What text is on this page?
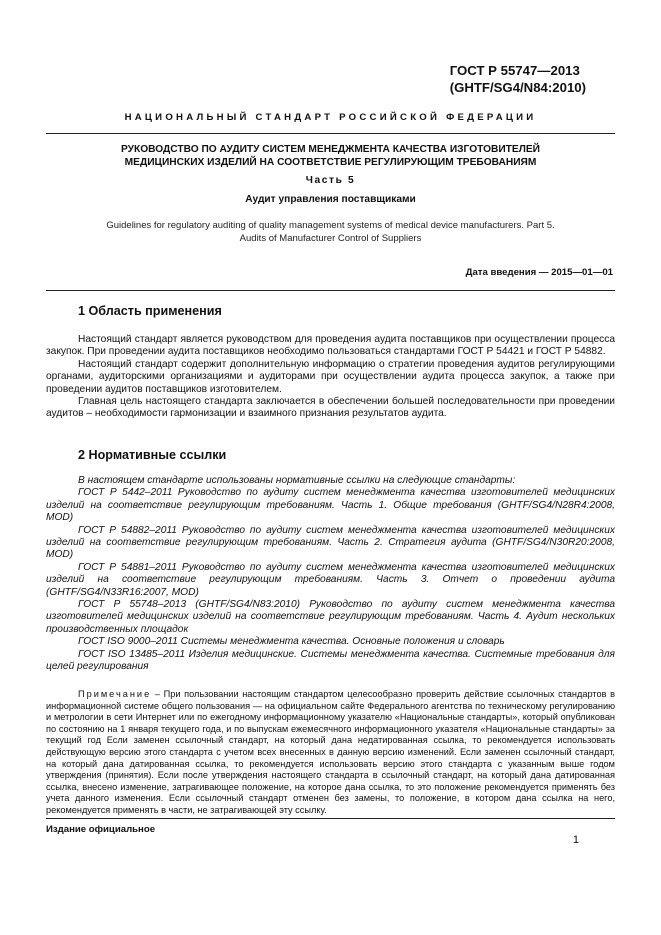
ГОСТ Р 55747—2013
(GHTF/SG4/N84:2010)
НАЦИОНАЛЬНЫЙ СТАНДАРТ РОССИЙСКОЙ ФЕДЕРАЦИИ
РУКОВОДСТВО ПО АУДИТУ СИСТЕМ МЕНЕДЖМЕНТА КАЧЕСТВА ИЗГОТОВИТЕЛЕЙ
МЕДИЦИНСКИХ ИЗДЕЛИЙ НА СООТВЕТСТВИЕ РЕГУЛИРУЮЩИМ ТРЕБОВАНИЯМ
Часть 5
Аудит управления поставщиками
Guidelines for regulatory auditing of quality management systems of medical device manufacturers. Part 5.
Audits of Manufacturer Control of Suppliers
Дата введения — 2015—01—01
1 Область применения

Настоящий стандарт является руководством для проведения аудита поставщиков при осуществлении процесса закупок. При проведении аудита поставщиков необходимо пользоваться стандартами ГОСТ Р 54421 и ГОСТ Р 54882.

Настоящий стандарт содержит дополнительную информацию о стратегии проведения аудитов регулирующими органами, аудиторскими организациями и аудиторами при осуществлении аудита процесса закупок, а также при проведении аудитов поставщиков изготовителем.

Главная цель настоящего стандарта заключается в обеспечении большей последовательности при проведении аудитов – необходимости гармонизации и взаимного признания результатов аудита.

2 Нормативные ссылки

В настоящем стандарте использованы нормативные ссылки на следующие стандарты:

ГОСТ Р 5442–2011 Руководство по аудиту систем менеджмента качества изготовителей медицинских изделий на соответствие регулирующим требованиям. Часть 1. Общие требования (GHTF/SG4/N28R4:2008, MOD)

ГОСТ Р 54882–2011 Руководство по аудиту систем менеджмента качества изготовителей медицинских изделий на соответствие регулирующим требованиям. Часть 2. Стратегия аудита (GHTF/SG4/N30R20:2008, MOD)

ГОСТ Р 54881–2011 Руководство по аудиту систем менеджмента качества изготовителей медицинских изделий на соответствие регулирующим требованиям. Часть 3. Отчет о проведении аудита (GHTF/SG4/N33R16:2007, MOD)

ГОСТ Р 55748–2013 (GHTF/SG4/N83:2010) Руководство по аудиту систем менеджмента качества изготовителей медицинских изделий на соответствие регулирующим требованиям. Часть 4. Аудит нескольких производственных площадок

ГОСТ ISO 9000–2011 Системы менеджмента качества. Основные положения и словарь

ГОСТ ISO 13485–2011 Изделия медицинские. Системы менеджмента качества. Системные требования для целей регулирования

Примечание – При пользовании настоящим стандартом целесообразно проверить действие ссылочных стандартов в информационной системе общего пользования — на официальном сайте Федерального агентства по техническому регулированию и метрологии в сети Интернет или по ежегодному информационному указателю «Национальные стандарты», который опубликован по состоянию на 1 января текущего года, и по выпускам ежемесячного информационного указателя «Национальные стандарты» за текущий год Если заменен ссылочный стандарт, на который дана недатированная ссылка, то рекомендуется использовать действующую версию этого стандарта с учетом всех внесенных в данную версию изменений. Если заменен ссылочный стандарт, на который дана датированная ссылка, то рекомендуется использовать версию этого стандарта с указанным выше годом утверждения (принятия). Если после утверждения настоящего стандарта в ссылочный стандарт, на который дана датированная ссылка, внесено изменение, затрагивающее положение, на которое дана ссылка, то это положение рекомендуется применять без учета данного изменения. Если ссылочный стандарт отменен без замены, то положение, в котором дана ссылка на него, рекомендуется применять в части, не затрагивающей эту ссылку.

Издание официальное
1
